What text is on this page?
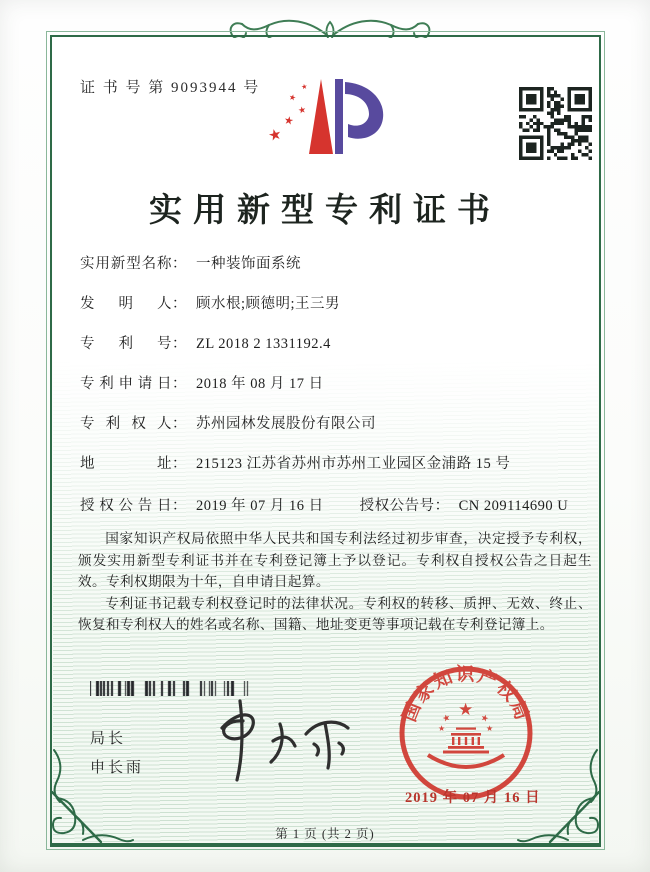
证 书 号 第 9093944 号
★
★
★
★
★
实用新型专利证书
实用新型名称 ： 一种装饰面系统
发明人 ： 顾水根;顾德明;王三男
专利号 ： ZL 2018 2 1331192.4
专利申请日 ： 2018 年 08 月 17 日
专利权人 ： 苏州园林发展股份有限公司
地址 ： 215123 江苏省苏州市苏州工业园区金浦路 15 号
授权公告日 ： 2019 年 07 月 16 日 授权公告号 ： CN 209114690 U

国家知识产权局依照中华人民共和国专利法经过初步审查，决定授予专利权，颁发实用新型专利证书并在专利登记簿上予以登记。专利权自授权公告之日起生效。专利权期限为十年，自申请日起算。

专利证书记载专利权登记时的法律状况。专利权的转移、质押、无效、终止、恢复和专利权人的姓名或名称、国籍、地址变更等事项记载在专利登记簿上。

局长
申长雨
国家知识产权局
★
★	★
★	★
2019 年 07 月 16 日
第 1 页 (共 2 页)
